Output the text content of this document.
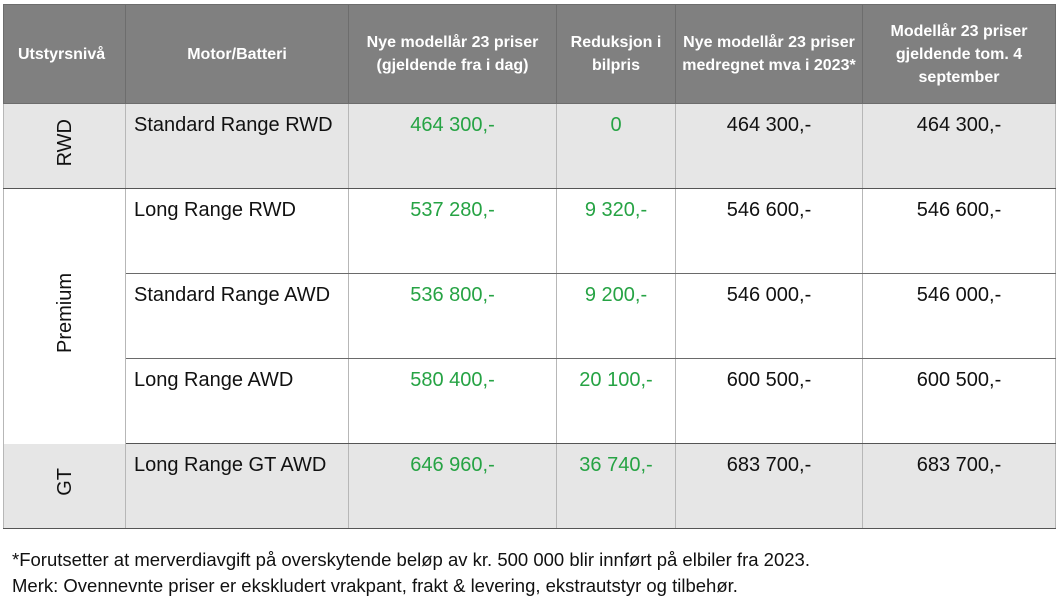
Utstyrsnivå	Motor/Batteri	Nye modellår 23 priser (gjeldende fra i dag)	Reduksjon i bilpris	Nye modellår 23 priser medregnet mva i 2023*	Modellår 23 priser gjeldende tom. 4 september
RWD	Standard Range RWD	464 300,-	0	464 300,-	464 300,-
Premium	Long Range RWD	537 280,-	9 320,-	546 600,-	546 600,-
	Standard Range AWD	536 800,-	9 200,-	546 000,-	546 000,-
	Long Range AWD	580 400,-	20 100,-	600 500,-	600 500,-
GT	Long Range GT AWD	646 960,-	36 740,-	683 700,-	683 700,-
*Forutsetter at merverdiavgift på overskytende beløp av kr. 500 000 blir innført på elbiler fra 2023.
Merk: Ovennevnte priser er ekskludert vrakpant, frakt & levering, ekstrautstyr og tilbehør.
